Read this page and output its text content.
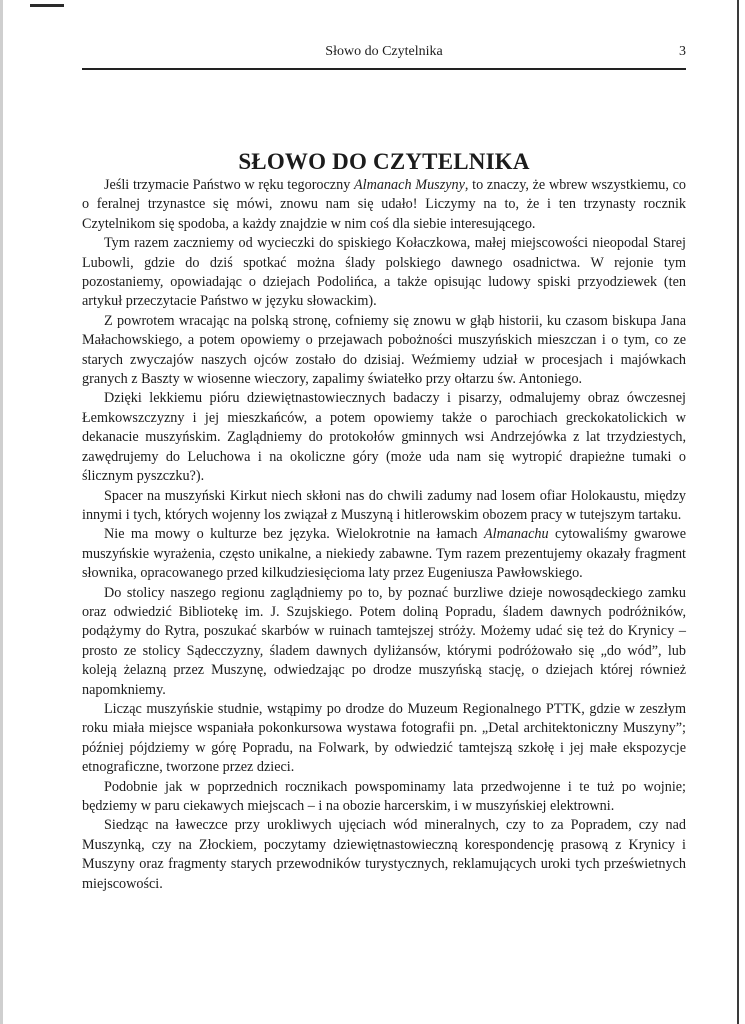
Słowo do Czytelnika	3
SŁOWO DO CZYTELNIKA

Jeśli trzymacie Państwo w ręku tegoroczny Almanach Muszyny, to znaczy, że wbrew wszystkiemu, co o feralnej trzynastce się mówi, znowu nam się udało! Liczymy na to, że i ten trzynasty rocznik Czytelnikom się spodoba, a każdy znajdzie w nim coś dla siebie interesującego.

Tym razem zaczniemy od wycieczki do spiskiego Kołaczkowa, małej miejscowości nieopodal Starej Lubowli, gdzie do dziś spotkać można ślady polskiego dawnego osadnictwa. W rejonie tym pozostaniemy, opowiadając o dziejach Podolińca, a także opisując ludowy spiski przyodziewek (ten artykuł przeczytacie Państwo w języku słowackim).

Z powrotem wracając na polską stronę, cofniemy się znowu w głąb historii, ku czasom biskupa Jana Małachowskiego, a potem opowiemy o przejawach pobożności muszyńskich mieszczan i o tym, co ze starych zwyczajów naszych ojców zostało do dzisiaj. Weźmiemy udział w procesjach i majówkach granych z Baszty w wiosenne wieczory, zapalimy światełko przy ołtarzu św. Antoniego.

Dzięki lekkiemu pióru dziewiętnastowiecznych badaczy i pisarzy, odmalujemy obraz ówczesnej Łemkowszczyzny i jej mieszkańców, a potem opowiemy także o parochiach greckokatolickich w dekanacie muszyńskim. Zaglądniemy do protokołów gminnych wsi Andrzejówka z lat trzydziestych, zawędrujemy do Leluchowa i na okoliczne góry (może uda nam się wytropić drapieżne tumaki o ślicznym pyszczku?).

Spacer na muszyński Kirkut niech skłoni nas do chwili zadumy nad losem ofiar Holokaustu, między innymi i tych, których wojenny los związał z Muszyną i hitlerowskim obozem pracy w tutejszym tartaku.

Nie ma mowy o kulturze bez języka. Wielokrotnie na łamach Almanachu cytowaliśmy gwarowe muszyńskie wyrażenia, często unikalne, a niekiedy zabawne. Tym razem prezentujemy okazały fragment słownika, opracowanego przed kilkudziesięcioma laty przez Eugeniusza Pawłowskiego.

Do stolicy naszego regionu zaglądniemy po to, by poznać burzliwe dzieje nowosądeckiego zamku oraz odwiedzić Bibliotekę im. J. Szujskiego. Potem doliną Popradu, śladem dawnych podróżników, podążymy do Rytra, poszukać skarbów w ruinach tamtejszej stróży. Możemy udać się też do Krynicy – prosto ze stolicy Sądecczyzny, śladem dawnych dyliżansów, którymi podróżowało się „do wód”, lub koleją żelazną przez Muszynę, odwiedzając po drodze muszyńską stację, o dziejach której również napomkniemy.

Licząc muszyńskie studnie, wstąpimy po drodze do Muzeum Regionalnego PTTK, gdzie w zeszłym roku miała miejsce wspaniała pokonkursowa wystawa fotografii pn. „Detal architektoniczny Muszyny”; później pójdziemy w górę Popradu, na Folwark, by odwiedzić tamtejszą szkołę i jej małe ekspozycje etnograficzne, tworzone przez dzieci.

Podobnie jak w poprzednich rocznikach powspominamy lata przedwojenne i te tuż po wojnie; będziemy w paru ciekawych miejscach – i na obozie harcerskim, i w muszyńskiej elektrowni.

Siedząc na ławeczce przy urokliwych ujęciach wód mineralnych, czy to za Popradem, czy nad Muszynką, czy na Złockiem, poczytamy dziewiętnastowieczną korespondencję prasową z Krynicy i Muszyny oraz fragmenty starych przewodników turystycznych, reklamujących uroki tych prześwietnych miejscowości.
